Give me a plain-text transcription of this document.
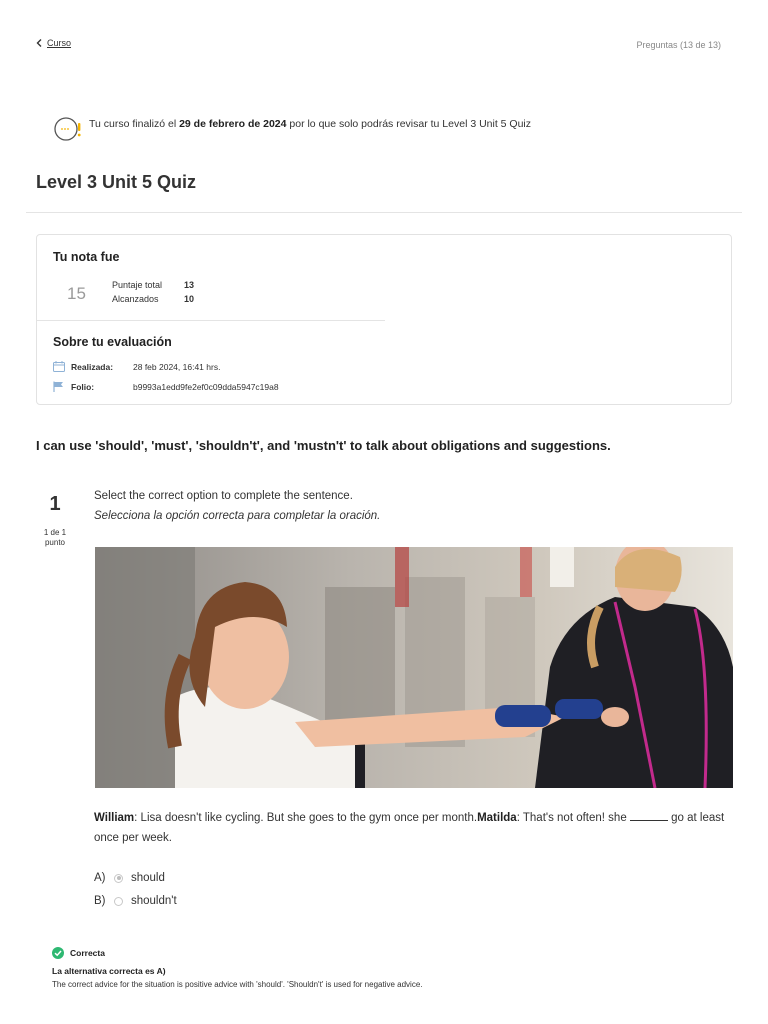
Curso	Preguntas (13 de 13)
Tu curso finalizó el 29 de febrero de 2024 por lo que solo podrás revisar tu Level 3 Unit 5 Quiz
Level 3 Unit 5 Quiz
Tu nota fue
15	Puntaje total	13
Alcanzados	10
Sobre tu evaluación
Realizada:	28 feb 2024, 16:41 hrs.
Folio:	b9993a1edd9fe2ef0c09dda5947c19a8
I can use 'should', 'must', 'shouldn't', and 'mustn't' to talk about obligations and suggestions.
1
1 de 1
punto
Select the correct option to complete the sentence.
Selecciona la opción correcta para completar la oración.

William: Lisa doesn't like cycling. But she goes to the gym once per month.Matilda: That's not often! she	go at least once per week.

A)	should
B)	shouldn't
Correcta
La alternativa correcta es A)
The correct advice for the situation is positive advice with 'should'. 'Shouldn't' is used for negative advice.
